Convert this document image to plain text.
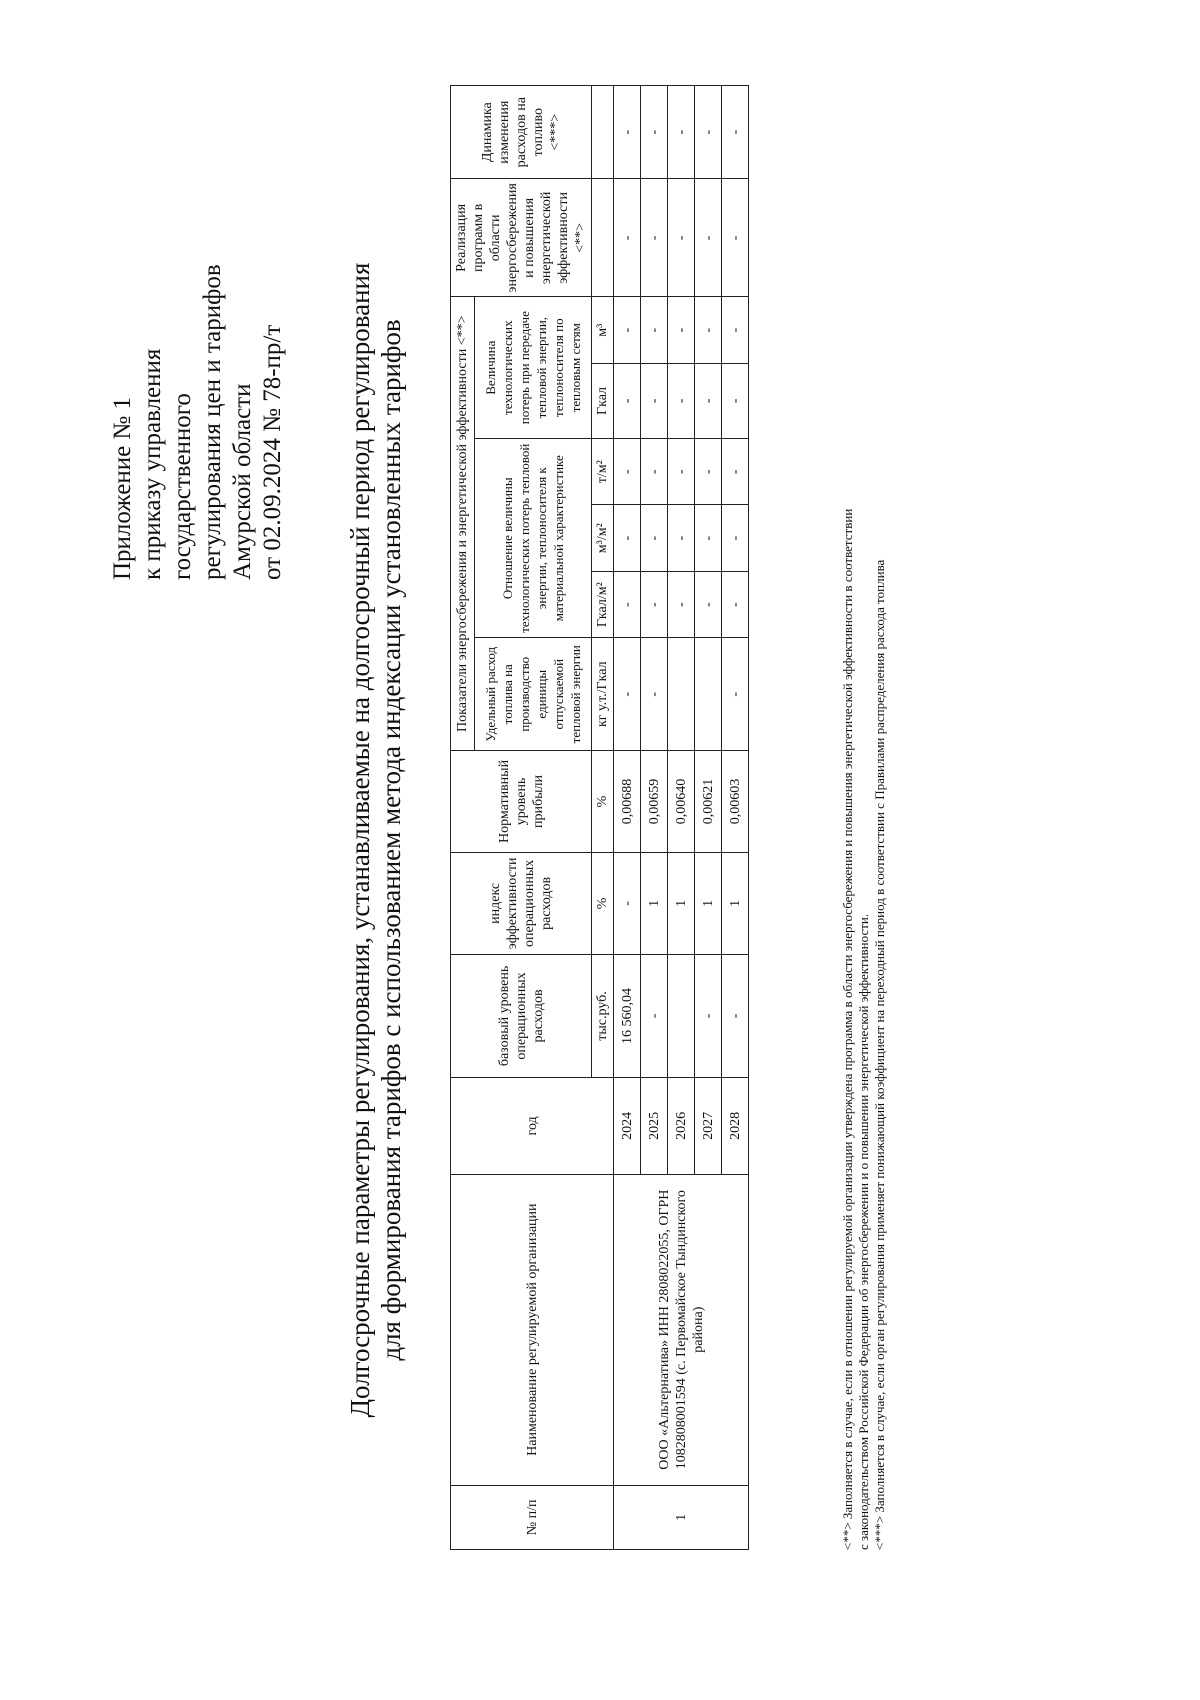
Приложение № 1 к приказу управления государственного регулирования цен и тарифов Амурской области от 02.09.2024 № 78-пр/т Долгосрочные параметры регулирования, устанавливаемые на долгосрочный период регулирования для формирования тарифов с использованием метода индексации установленных тарифов
№ п/п	Наименование регулируемой организации	год	базовый уровень операционных расходов	индекс эффективности операционных расходов	Нормативный уровень прибыли	Показатели энергосбережения и энергетической эффективности <**>						Реализация программ в области энергосбережения и повышения энергетической эффективности <**>	Динамика изменения расходов на топливо <***>
						Удельный расход топлива на производство единицы отпускаемой тепловой энергии	Отношение величины технологических потерь тепловой энергии, теплоносителя к материальной характеристике			Величина технологических потерь при передаче тепловой энергии, теплоносителя по тепловым сетям			
			тыс.руб.	%	%	кг у.т./Гкал	Гкал/м²	м³/м²	т/м²	Гкал	м³		
1	ООО «Альтернатива» ИНН 2808022055, ОГРН 1082808001594 (с. Первомайское Тындинского района)	2024	16 560,04	-	0,00688	-	-	-	-	-	-	-	-
		2025	-	1	0,00659	-	-	-	-	-	-	-	-
		2026		1	0,00640		-	-	-	-	-	-	-
		2027	-	1	0,00621		-	-	-	-	-	-	-
		2028	-	1	0,00603	-	-	-	-	-	-	-	-
<**> Заполняется в случае, если в отношении регулируемой организации утверждена программа в области энергосбережения и повышения энергетической эффективности в соответствии с законодательством Российской Федерации об энергосбережении и о повышении энергетической эффективности. <***> Заполняется в случае, если орган регулирования применяет понижающий коэффициент на переходный период в соответствии с Правилами распределения расхода топлива
